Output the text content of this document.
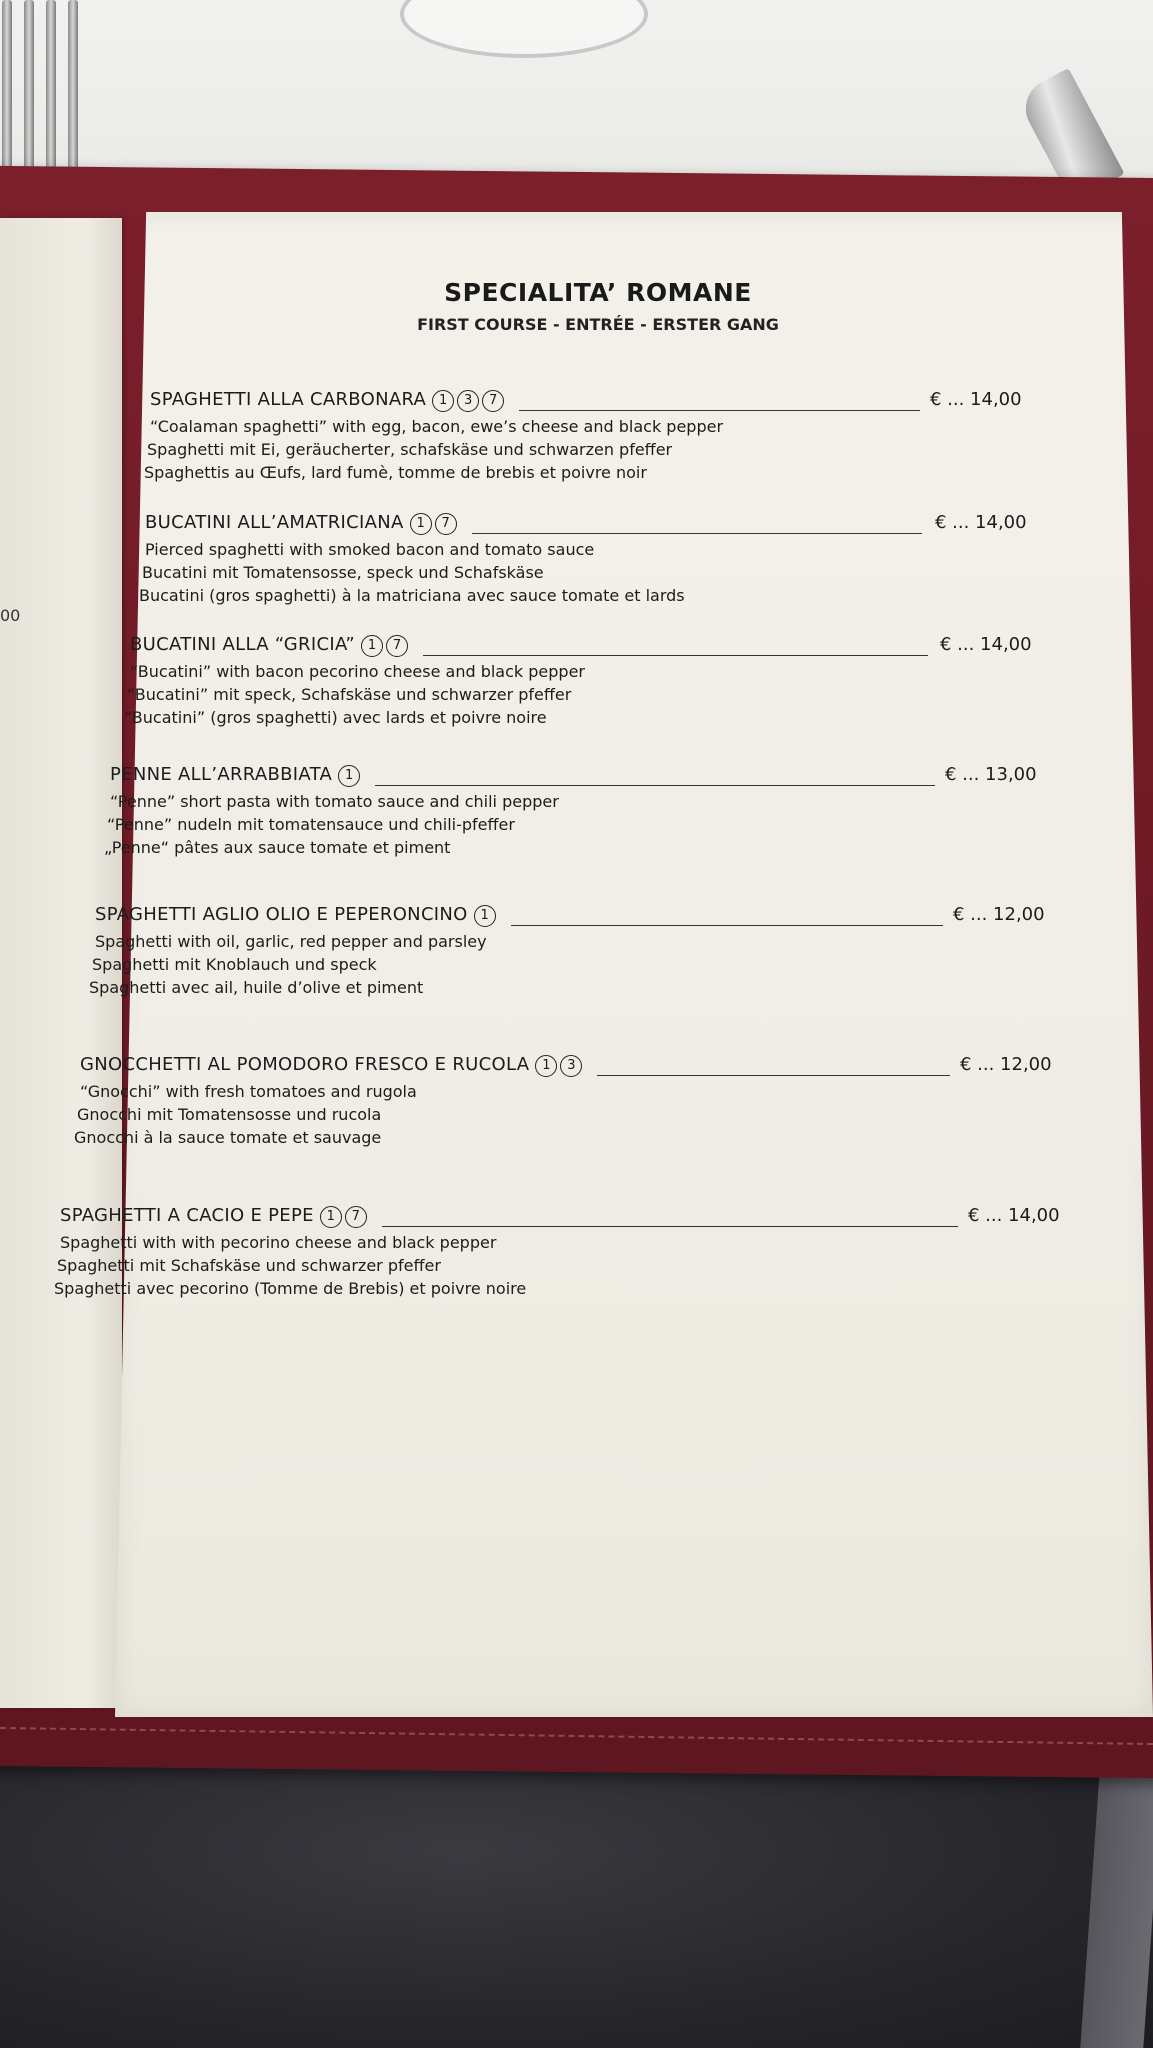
00
SPECIALITA’ ROMANE
FIRST COURSE - ENTRÉE - ERSTER GANG
SPAGHETTI ALLA CARBONARA 1 3 7	€ ... 14,00
“Coalaman spaghetti” with egg, bacon, ewe’s cheese and black pepper
Spaghetti mit Ei, geräucherter, schafskäse und schwarzen pfeffer
Spaghettis au Œufs, lard fumè, tomme de brebis et poivre noir
BUCATINI ALL’AMATRICIANA 1 7	€ ... 14,00
Pierced spaghetti with smoked bacon and tomato sauce
Bucatini mit Tomatensosse, speck und Schafskäse
Bucatini (gros spaghetti) à la matriciana avec sauce tomate et lards
BUCATINI ALLA “GRICIA” 1 7	€ ... 14,00
“Bucatini” with bacon pecorino cheese and black pepper
“Bucatini” mit speck, Schafskäse und schwarzer pfeffer
“Bucatini” (gros spaghetti) avec lards et poivre noire
PENNE ALL’ARRABBIATA 1	€ ... 13,00
“Penne” short pasta with tomato sauce and chili pepper
“Penne” nudeln mit tomatensauce und chili-pfeffer
„Penne“ pâtes aux sauce tomate et piment
SPAGHETTI AGLIO OLIO E PEPERONCINO 1	€ ... 12,00
Spaghetti with oil, garlic, red pepper and parsley
Spaghetti mit Knoblauch und speck
Spaghetti avec ail, huile d’olive et piment
GNOCCHETTI AL POMODORO FRESCO E RUCOLA 1 3	€ ... 12,00
“Gnocchi” with fresh tomatoes and rugola
Gnocchi mit Tomatensosse und rucola
Gnocchi à la sauce tomate et sauvage
SPAGHETTI A CACIO E PEPE 1 7	€ ... 14,00
Spaghetti with with pecorino cheese and black pepper
Spaghetti mit Schafskäse und schwarzer pfeffer
Spaghetti avec pecorino (Tomme de Brebis) et poivre noire
